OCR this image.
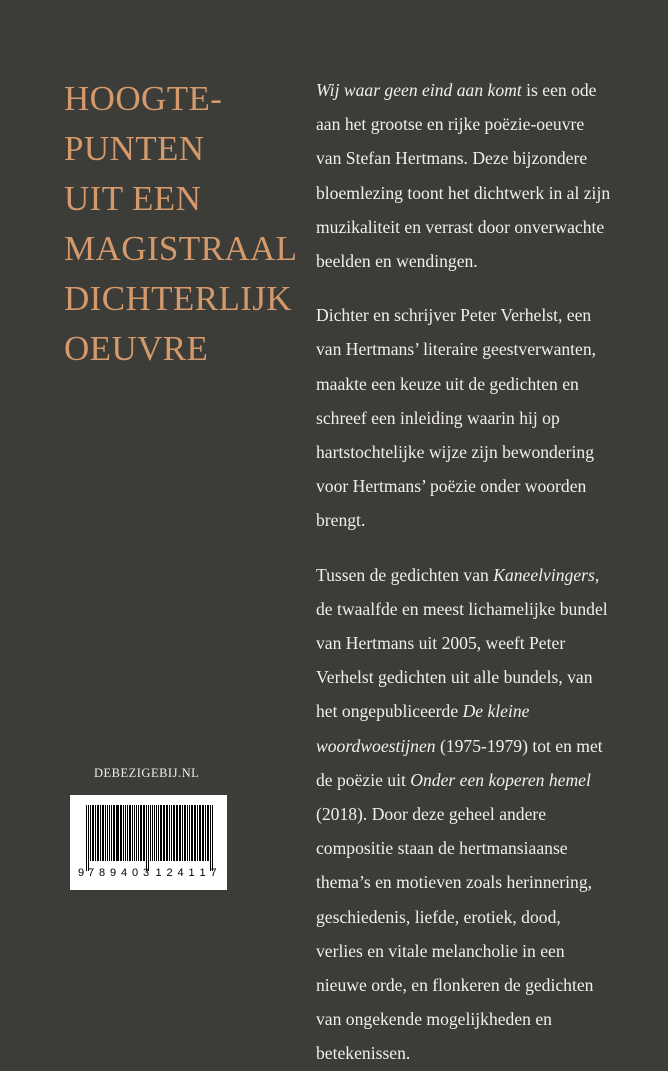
HOOGTE-
PUNTEN
UIT EEN
MAGISTRAAL
DICHTERLIJK
OEUVRE

Wij waar geen eind aan komt is een ode aan het grootse en rijke poëzie-oeuvre van Stefan Hertmans. Deze bijzondere bloemlezing toont het dichtwerk in al zijn muzikaliteit en verrast door onverwachte beelden en wendingen.

Dichter en schrijver Peter Verhelst, een van Hertmans’ literaire geestverwanten, maakte een keuze uit de gedichten en schreef een inleiding waarin hij op hartstochtelijke wijze zijn bewondering voor Hertmans’ poëzie onder woorden brengt.

Tussen de gedichten van Kaneelvingers, de twaalfde en meest lichamelijke bundel van Hertmans uit 2005, weeft Peter Verhelst gedichten uit alle bundels, van het ongepubliceerde De kleine woordwoestijnen (1975-1979) tot en met de poëzie uit Onder een koperen hemel (2018). Door deze geheel andere compositie staan de hertmansiaanse thema’s en motieven zoals herinnering, geschiedenis, liefde, erotiek, dood, verlies en vitale melancholie in een nieuwe orde, en flonkeren de gedichten van ongekende mogelijkheden en betekenissen.

DEBEZIGEBIJ.NL
9 7 8 9 4 0 3 1 2 4 1 1 7
